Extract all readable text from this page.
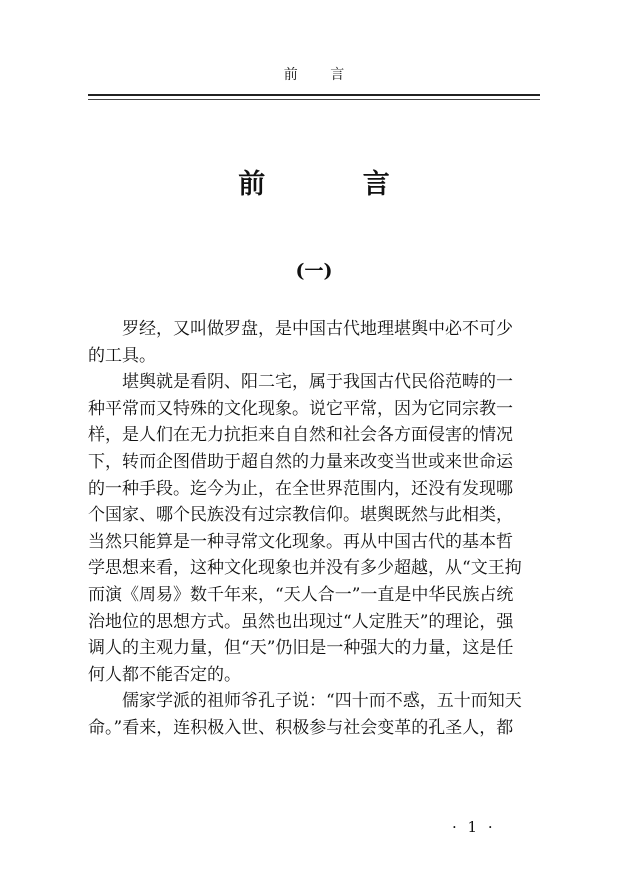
前 言
前 言
(一)
罗经，又叫做罗盘，是中国古代地理堪舆中必不可少
的工具。
堪舆就是看阴、阳二宅，属于我国古代民俗范畴的一
种平常而又特殊的文化现象。说它平常，因为它同宗教一
样，是人们在无力抗拒来自自然和社会各方面侵害的情况
下，转而企图借助于超自然的力量来改变当世或来世命运
的一种手段。迄今为止，在全世界范围内，还没有发现哪
个国家、哪个民族没有过宗教信仰。堪舆既然与此相类，
当然只能算是一种寻常文化现象。再从中国古代的基本哲
学思想来看，这种文化现象也并没有多少超越，从“文王拘
而演《周易》数千年来，“天人合一”一直是中华民族占统
治地位的思想方式。虽然也出现过“人定胜天”的理论，强
调人的主观力量，但“天”仍旧是一种强大的力量，这是任
何人都不能否定的。
儒家学派的祖师爷孔子说：“四十而不惑，五十而知天
命。”看来，连积极入世、积极参与社会变革的孔圣人，都
· 1 ·
